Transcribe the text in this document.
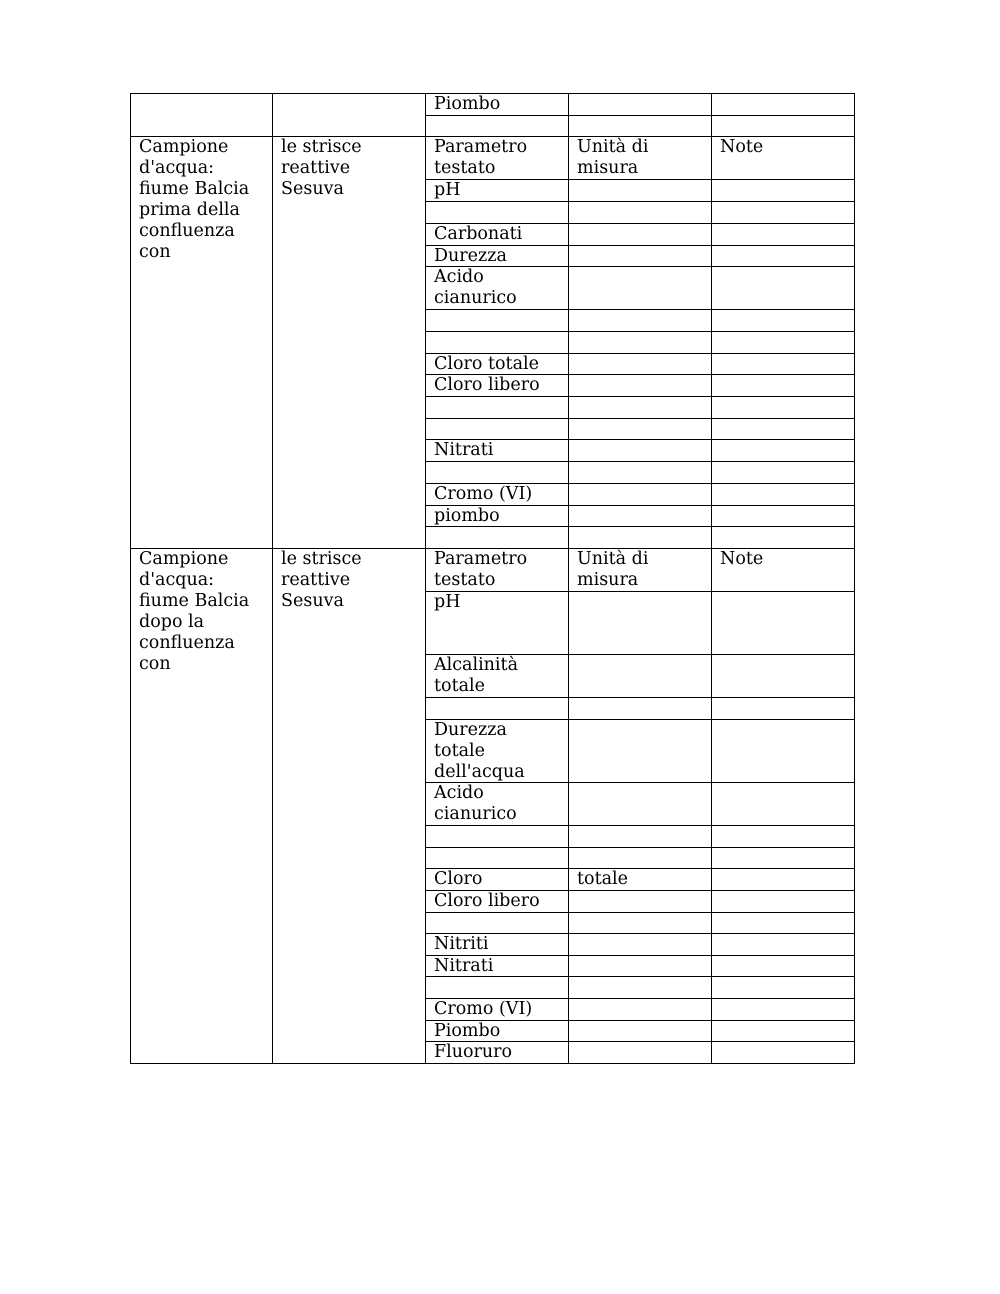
Piombo
Campione
d'acqua:
fiume Balcia
prima della
confluenza
con
le strisce
reattive
Sesuva
Parametro
testato
Unità di
misura
Note
pH
Carbonati
Durezza
Acido
cianurico
Cloro totale
Cloro libero
Nitrati
Cromo (VI)
piombo
Campione
d'acqua:
fiume Balcia
dopo la
confluenza
con
le strisce
reattive
Sesuva
Parametro
testato
Unità di
misura
Note
pH
Alcalinità
totale
Durezza
totale
dell'acqua
Acido
cianurico
Cloro	totale
Cloro libero
Nitriti
Nitrati
Cromo (VI)
Piombo
Fluoruro
